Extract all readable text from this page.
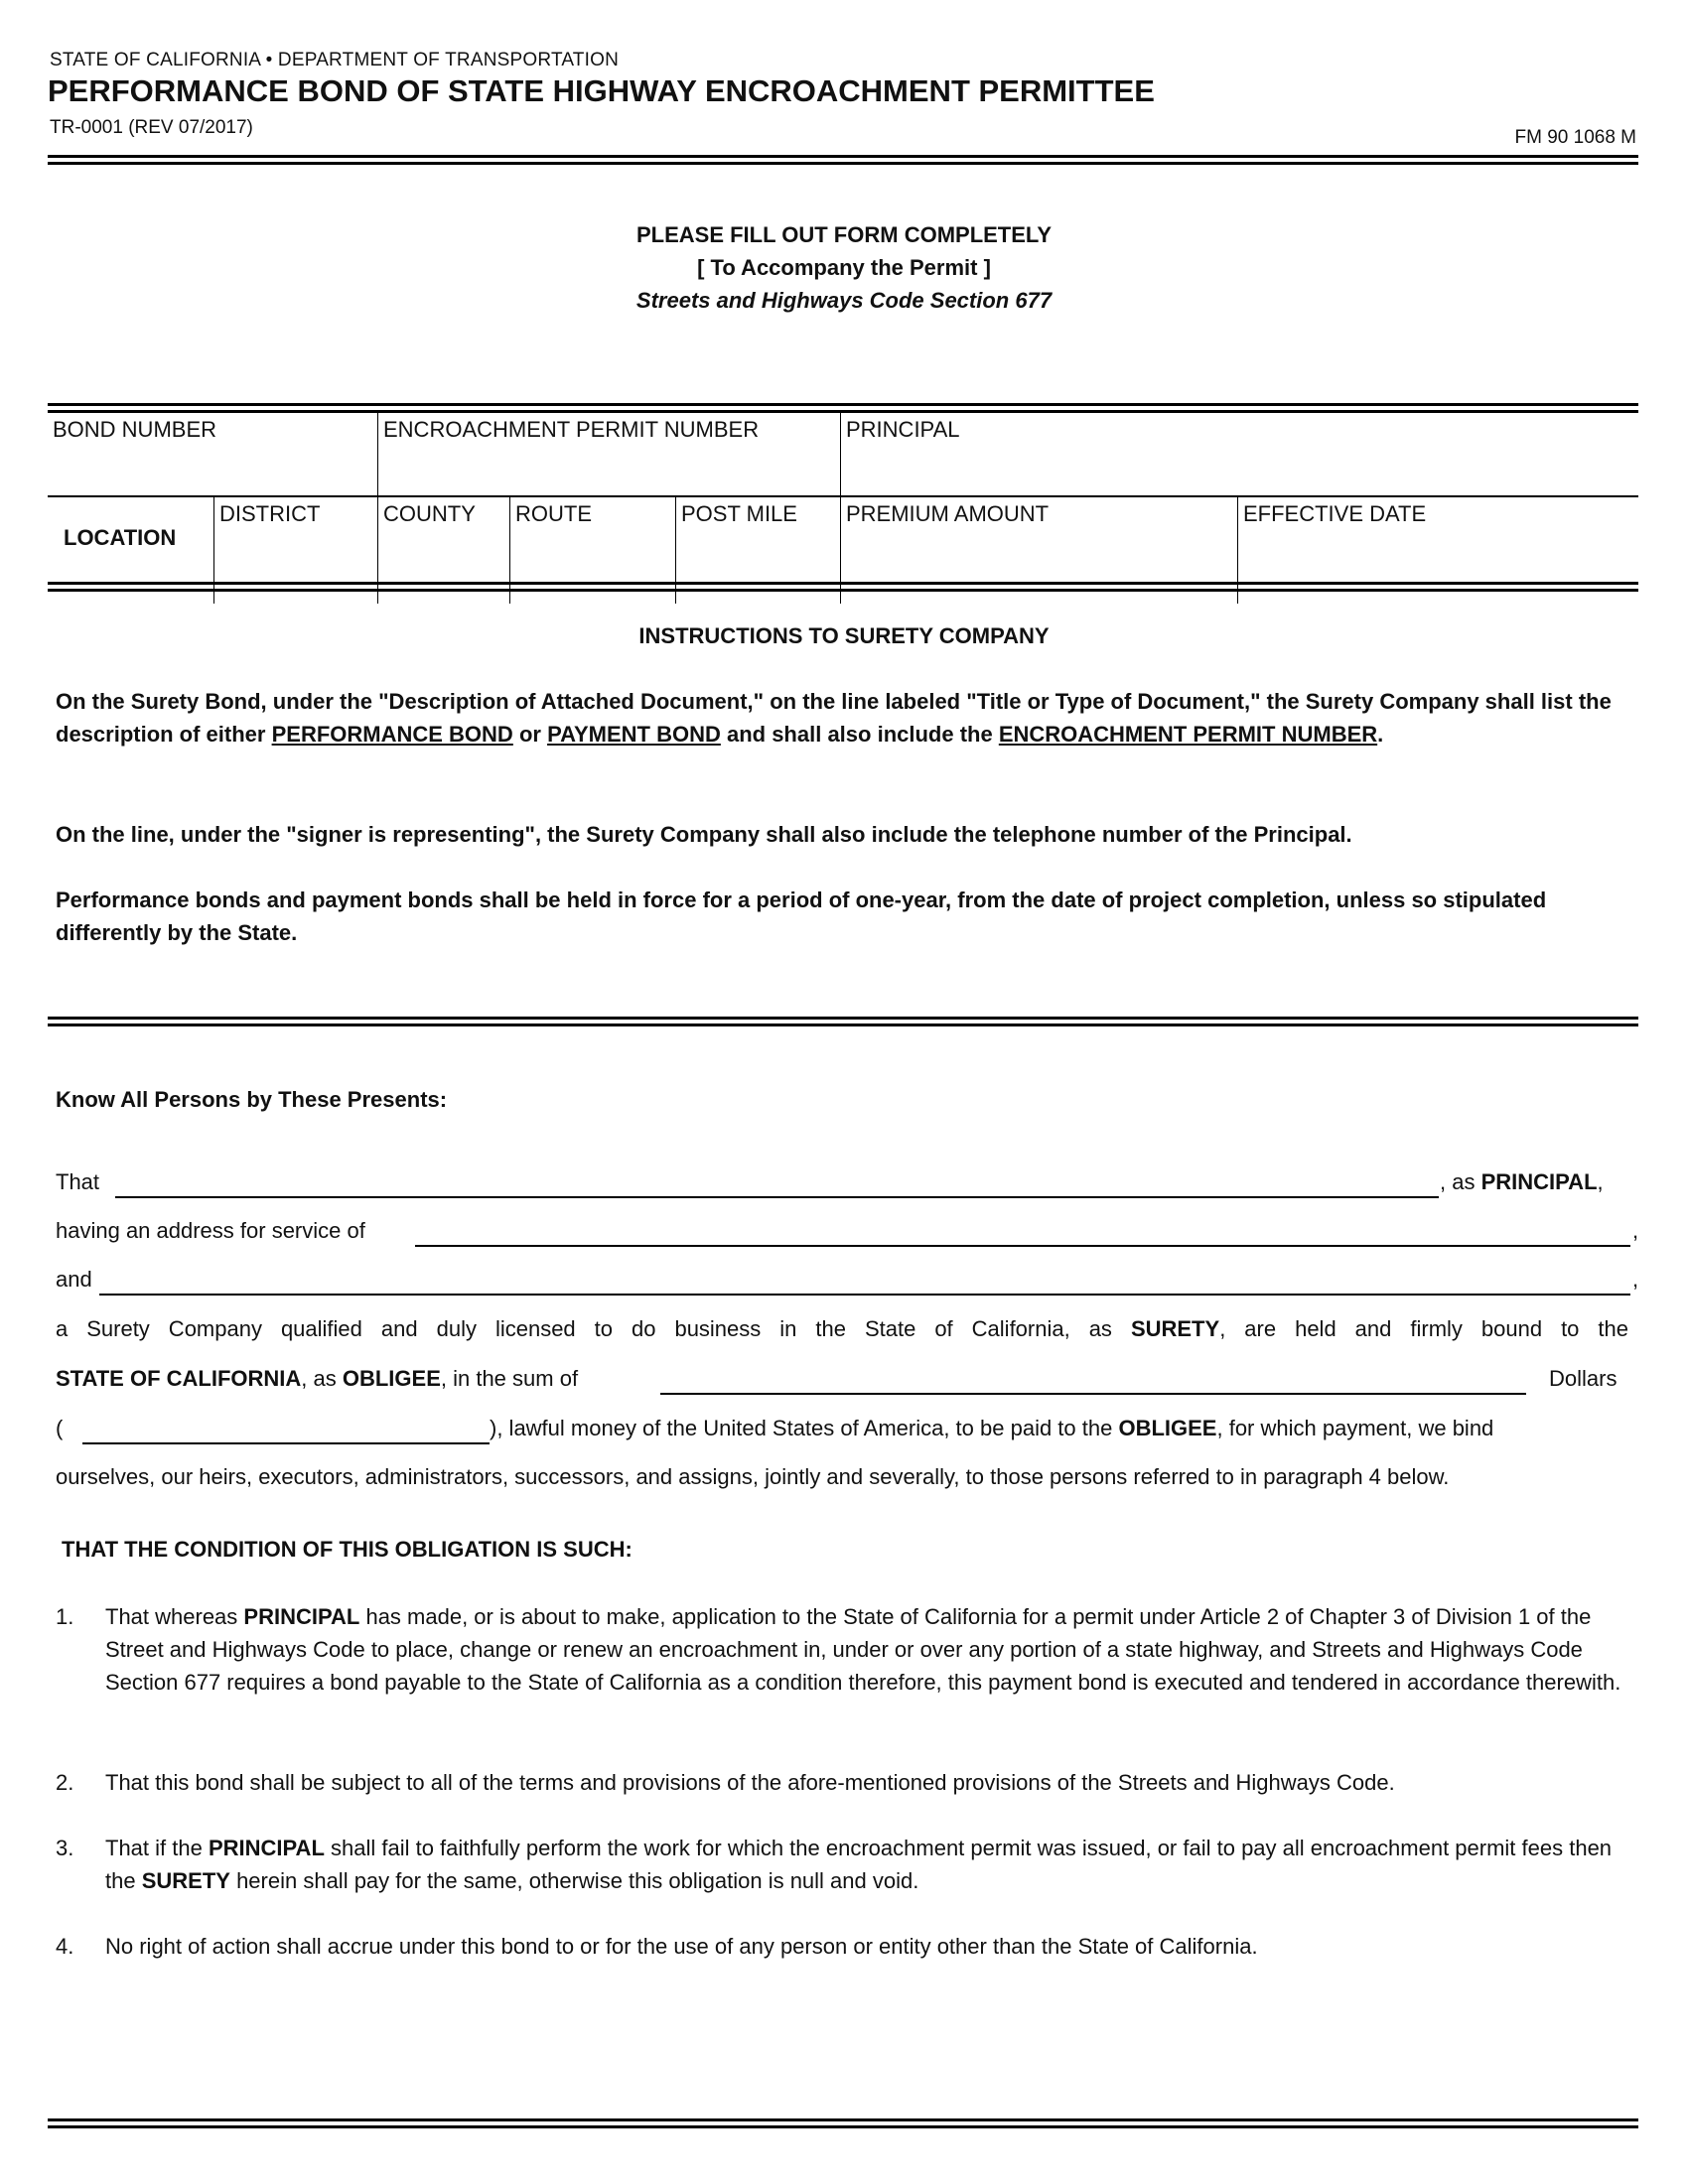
STATE OF CALIFORNIA • DEPARTMENT OF TRANSPORTATION
PERFORMANCE BOND OF STATE HIGHWAY ENCROACHMENT PERMITTEE
TR-0001 (REV 07/2017)	FM 90 1068 M
PLEASE FILL OUT FORM COMPLETELY
[ To Accompany the Permit ]
Streets and Highways Code Section 677
BOND NUMBER		ENCROACHMENT PERMIT NUMBER			PRINCIPAL	
LOCATION	DISTRICT	COUNTY	ROUTE	POST MILE	PREMIUM AMOUNT	EFFECTIVE DATE
INSTRUCTIONS TO SURETY COMPANY
On the Surety Bond, under the "Description of Attached Document," on the line labeled "Title or Type of Document," the Surety Company shall list the description of either PERFORMANCE BOND or PAYMENT BOND and shall also include the ENCROACHMENT PERMIT NUMBER.
On the line, under the "signer is representing", the Surety Company shall also include the telephone number of the Principal.
Performance bonds and payment bonds shall be held in force for a period of one-year, from the date of project completion, unless so stipulated differently by the State.
Know All Persons by These Presents:
That	, as PRINCIPAL,
having an address for service of	,
and	,
a Surety Company qualified and duly licensed to do business in the State of California, as SURETY, are held and firmly bound to the
STATE OF CALIFORNIA, as OBLIGEE, in the sum of	Dollars
(	), lawful money of the United States of America, to be paid to the OBLIGEE, for which payment, we bind
ourselves, our heirs, executors, administrators, successors, and assigns, jointly and severally, to those persons referred to in paragraph 4 below.
THAT THE CONDITION OF THIS OBLIGATION IS SUCH:
1.	That whereas PRINCIPAL has made, or is about to make, application to the State of California for a permit under Article 2 of Chapter 3 of Division 1 of the Street and Highways Code to place, change or renew an encroachment in, under or over any portion of a state highway, and Streets and Highways Code Section 677 requires a bond payable to the State of California as a condition therefore, this payment bond is executed and tendered in accordance therewith.
2.	That this bond shall be subject to all of the terms and provisions of the afore-mentioned provisions of the Streets and Highways Code.
3.	That if the PRINCIPAL shall fail to faithfully perform the work for which the encroachment permit was issued, or fail to pay all encroachment permit fees then the SURETY herein shall pay for the same, otherwise this obligation is null and void.
4.	No right of action shall accrue under this bond to or for the use of any person or entity other than the State of California.
